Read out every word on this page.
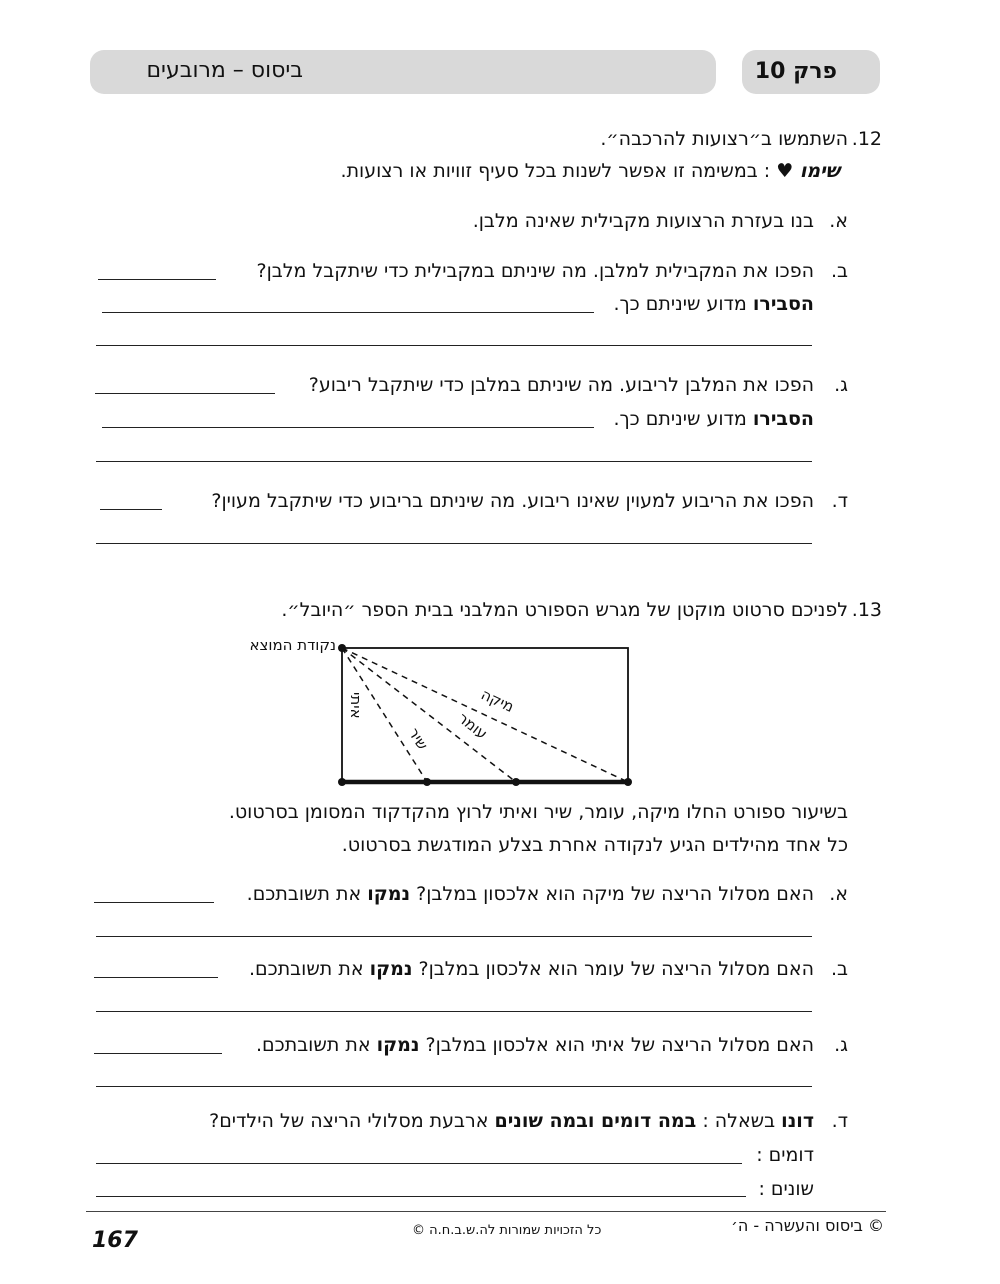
פרק 10
ביסוס – מרובעים
.12
השתמשו ב״רצועות להרכבה״.
שימו ♥ : במשימה זו אפשר לשנות בכל סעיף זוויות או רצועות.
א.
בנו בעזרת הרצועות מקבילית שאינה מלבן.
ב.
הפכו את המקבילית למלבן. מה שיניתם במקבילית כדי שיתקבל מלבן?
הסבירו מדוע שיניתם כך.
ג.
הפכו את המלבן לריבוע. מה שיניתם במלבן כדי שיתקבל ריבוע?
הסבירו מדוע שיניתם כך.
ד.
הפכו את הריבוע למעוין שאינו ריבוע. מה שיניתם בריבוע כדי שיתקבל מעוין?
.13
לפניכם סרטוט מוקטן של מגרש הספורט המלבני בבית הספר ״היובל״.
נקודת המוצא
איתי
שיר עומר
מיקה
בשיעור ספורט החלו מיקה, עומר, שיר ואיתי לרוץ מהקדקוד המסומן בסרטוט.
כל אחד מהילדים הגיע לנקודה אחרת בצלע המודגשת בסרטוט.
א.
האם מסלול הריצה של מיקה הוא אלכסון במלבן? נמקו את תשובתכם.
ב.
האם מסלול הריצה של עומר הוא אלכסון במלבן? נמקו את תשובתכם.
ג.
האם מסלול הריצה של איתי הוא אלכסון במלבן? נמקו את תשובתכם.
ד.
דונו בשאלה : במה דומים ובמה שונים ארבעת מסלולי הריצה של הילדים?
דומים :
שונים :
167	כל הזכויות שמורות לה.ש.ב.ח.ה ©	© ביסוס והעשרה - ה׳
